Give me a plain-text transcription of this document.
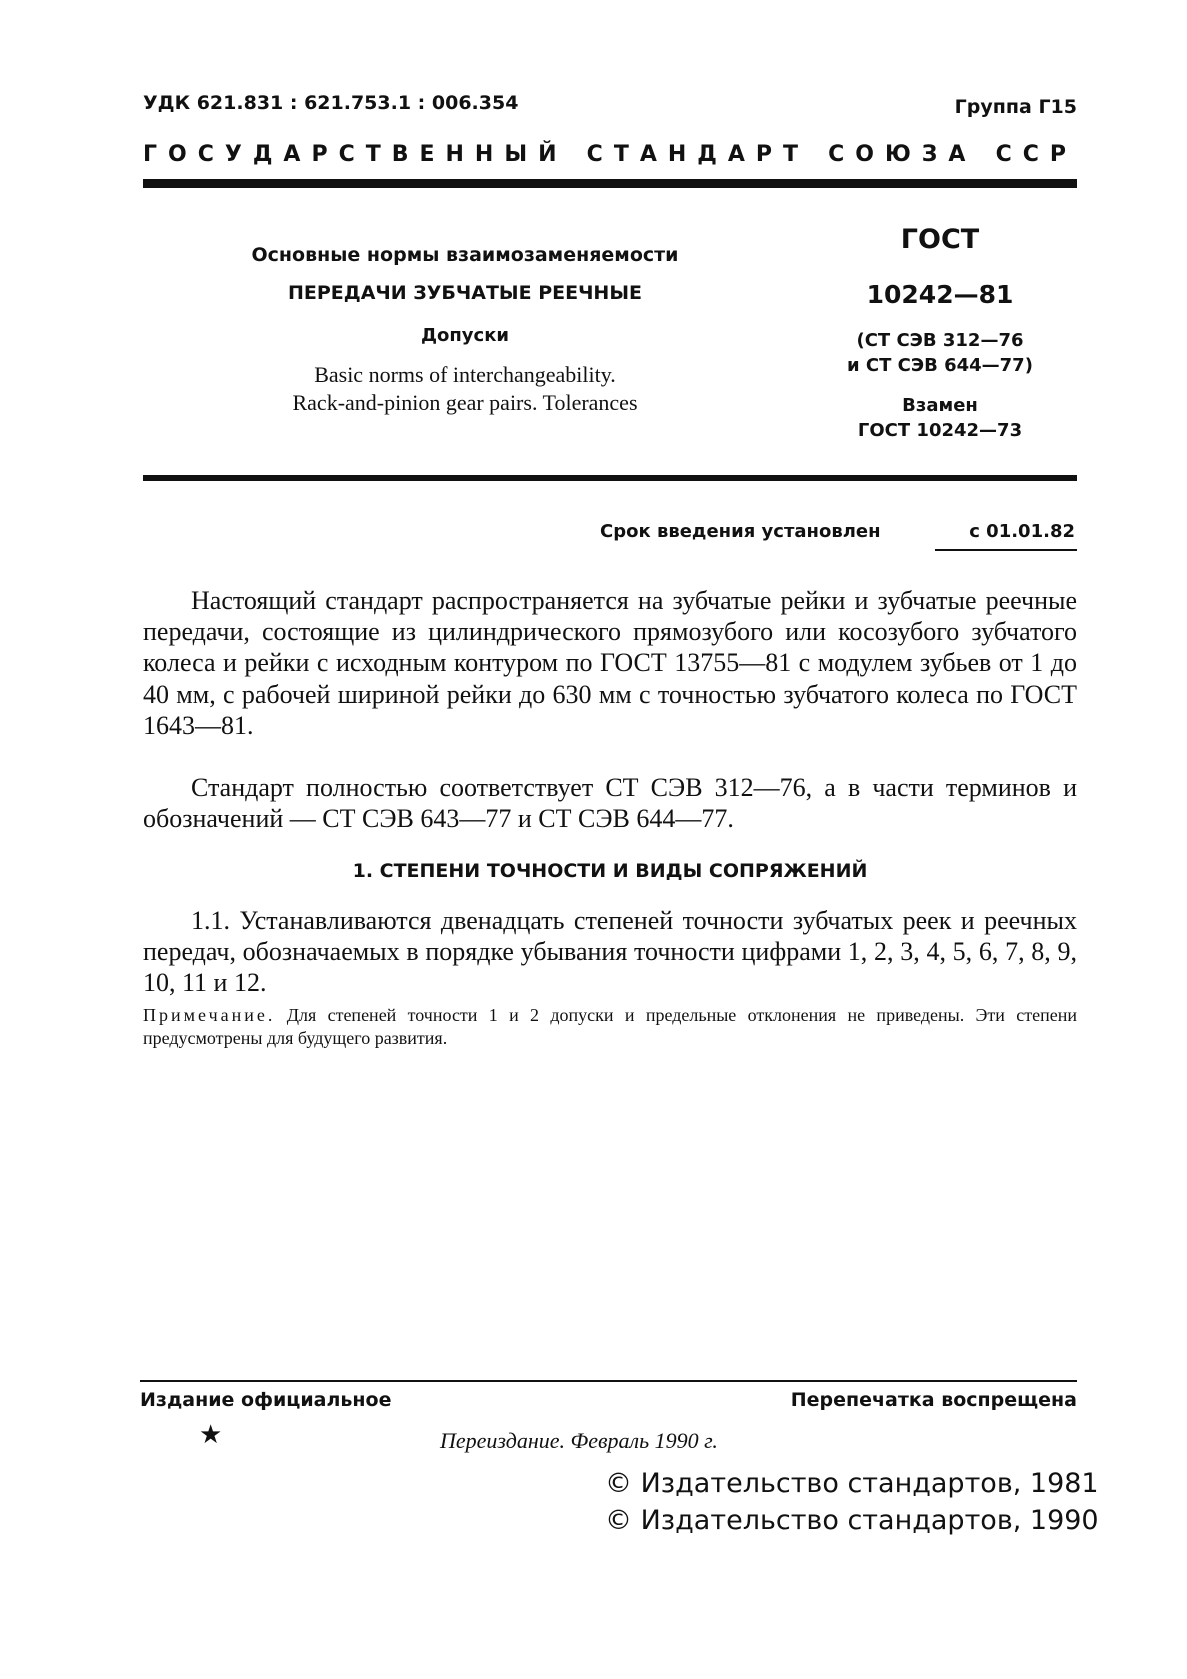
УДК 621.831 : 621.753.1 : 006.354	Группа Г15
ГОСУДАРСТВЕННЫЙ СТАНДАРТ СОЮЗА ССР
Основные нормы взаимозаменяемости
ПЕРЕДАЧИ ЗУБЧАТЫЕ РЕЕЧНЫЕ
Допуски
Basic norms of interchangeability.
Rack-and-pinion gear pairs. Tolerances
ГОСТ
10242—81
(СТ СЭВ 312—76
и СТ СЭВ 644—77)
Взамен
ГОСТ 10242—73
Срок введения установлен	с 01.01.82

Настоящий стандарт распространяется на зубчатые рейки и зубчатые реечные передачи, состоящие из цилиндрического прямозубого или косозубого зубчатого колеса и рейки с исходным контуром по ГОСТ 13755—81 с модулем зубьев от 1 до 40 мм, с рабочей шириной рейки до 630 мм с точностью зубчатого колеса по ГОСТ 1643—81.

Стандарт полностью соответствует СТ СЭВ 312—76, а в части терминов и обозначений — СТ СЭВ 643—77 и СТ СЭВ 644—77.

1. СТЕПЕНИ ТОЧНОСТИ И ВИДЫ СОПРЯЖЕНИЙ

1.1. Устанавливаются двенадцать степеней точности зубчатых реек и реечных передач, обозначаемых в порядке убывания точности цифрами 1, 2, 3, 4, 5, 6, 7, 8, 9, 10, 11 и 12.

Примечание. Для степеней точности 1 и 2 допуски и предельные отклонения не приведены. Эти степени предусмотрены для будущего развития.

Издание официальное	Перепечатка воспрещена
★	Переиздание. Февраль 1990 г.
© Издательство стандартов, 1981
© Издательство стандартов, 1990
